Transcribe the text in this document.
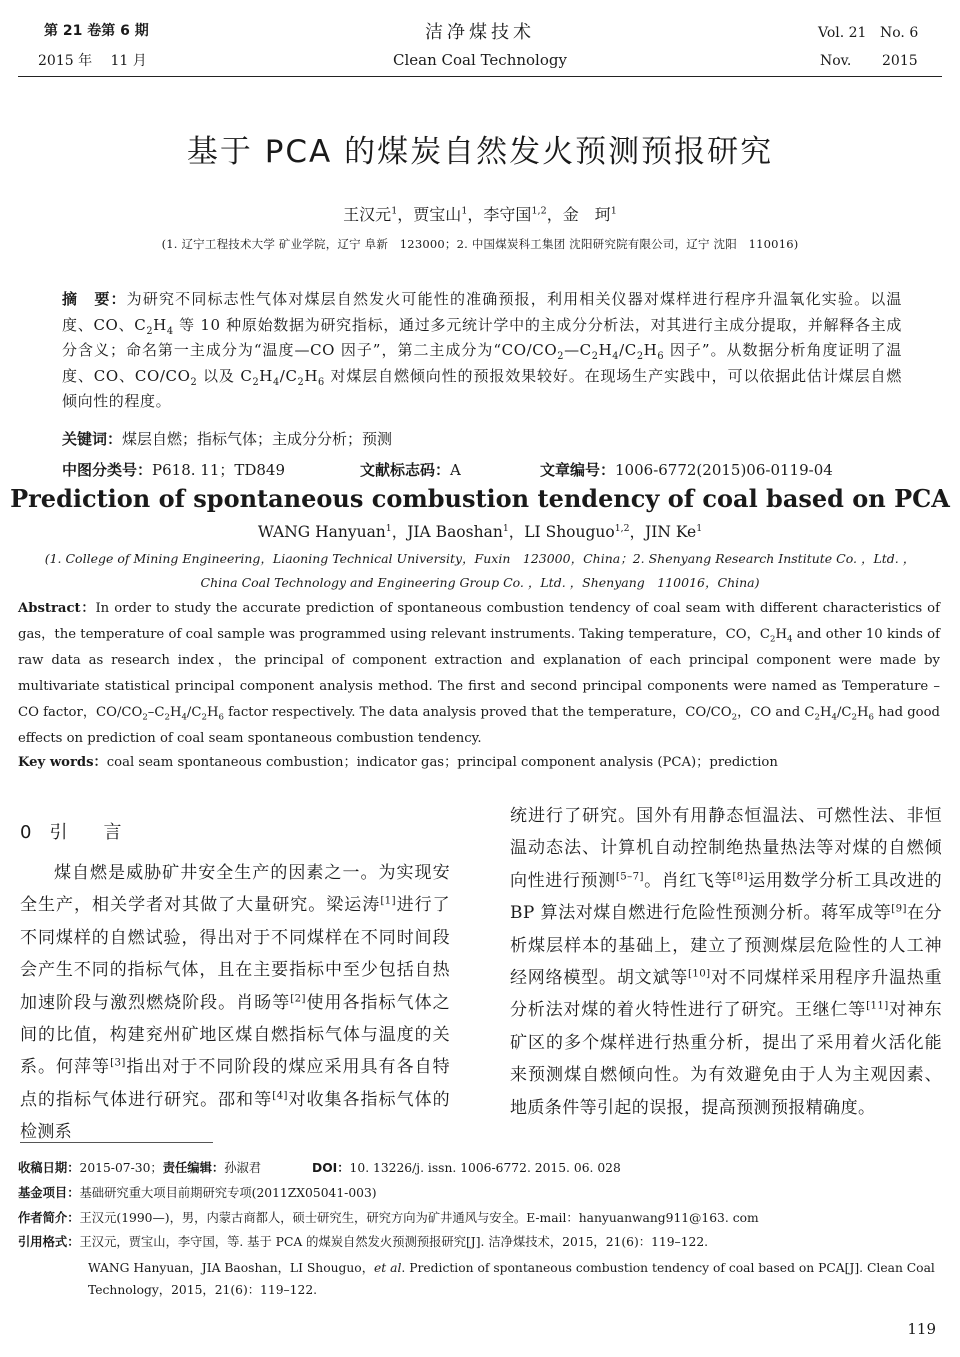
第 21 卷第 6 期
2015 年　 11 月
洁净煤技术
Clean Coal Technology
Vol. 21 No. 6
Nov. 2015
基于 PCA 的煤炭自然发火预测预报研究
王汉元$^1$，贾宝山$^1$，李守国$^{1,2}$，金　珂$^1$
(1. 辽宁工程技术大学 矿业学院，辽宁 阜新　123000；2. 中国煤炭科工集团 沈阳研究院有限公司，辽宁 沈阳　110016)
摘　要：为研究不同标志性气体对煤层自然发火可能性的准确预报，利用相关仪器对煤样进行程序升温氧化实验。以温度、CO、$C_2H_4$ 等 10 种原始数据为研究指标，通过多元统计学中的主成分分析法，对其进行主成分提取，并解释各主成分含义；命名第一主成分为“温度—CO 因子”，第二主成分为“$CO/CO_2—C_2H_4/C_2H_6$ 因子”。从数据分析角度证明了温度、CO、$CO/CO_2$ 以及 $C_2H_4/C_2H_6$ 对煤层自燃倾向性的预报效果较好。在现场生产实践中，可以依据此估计煤层自燃倾向性的程度。
关键词：煤层自燃；指标气体；主成分分析；预测
中图分类号：P618. 11；TD849	文献标志码：A	文章编号：1006-6772(2015)06-0119-04
Prediction of spontaneous combustion tendency of coal based on PCA
WANG Hanyuan$^1$，JIA Baoshan$^1$，LI Shouguo$^{1,2}$，JIN Ke$^1$
(1. College of Mining Engineering，Liaoning Technical University，Fuxin　123000，China；2. Shenyang Research Institute Co. ，Ltd. ，
China Coal Technology and Engineering Group Co. ，Ltd. ，Shenyang　110016，China)
Abstract：In order to study the accurate prediction of spontaneous combustion tendency of coal seam with different characteristics of gas，the temperature of coal sample was programmed using relevant instruments. Taking temperature，CO，$C_2H_4$ and other 10 kinds of raw data as research index，the principal of component extraction and explanation of each principal component were made by multivariate statistical principal component analysis method. The first and second principal components were named as Temperature –CO factor，$CO/CO_2-C_2H_4/C_2H_6$ factor respectively. The data analysis proved that the temperature，$CO/CO_2$，CO and $C_2H_4/C_2H_6$ had good effects on prediction of coal seam spontaneous combustion tendency.
Key words：coal seam spontaneous combustion；indicator gas；principal component analysis (PCA)；prediction
0　引　　言

煤自燃是威胁矿井安全生产的因素之一。为实现安全生产，相关学者对其做了大量研究。梁运涛[1]进行了不同煤样的自燃试验，得出对于不同煤样在不同时间段会产生不同的指标气体，且在主要指标中至少包括自热加速阶段与激烈燃烧阶段。肖旸等[2]使用各指标气体之间的比值，构建兖州矿地区煤自燃指标气体与温度的关系。何萍等[3]指出对于不同阶段的煤应采用具有各自特点的指标气体进行研究。邵和等[4]对收集各指标气体的检测系

统进行了研究。国外有用静态恒温法、可燃性法、非恒温动态法、计算机自动控制绝热量热法等对煤的自燃倾向性进行预测[5–7]。肖红飞等[8]运用数学分析工具改进的 BP 算法对煤自燃进行危险性预测分析。蒋军成等[9]在分析煤层样本的基础上，建立了预测煤层危险性的人工神经网络模型。胡文斌等[10]对不同煤样采用程序升温热重分析法对煤的着火特性进行了研究。王继仁等[11]对神东矿区的多个煤样进行热重分析，提出了采用着火活化能来预测煤自燃倾向性。为有效避免由于人为主观因素、地质条件等引起的误报，提高预测预报精确度。
收稿日期：2015-07-30；责任编辑：孙淑君	DOI：10. 13226/j. issn. 1006-6772. 2015. 06. 028
基金项目：基础研究重大项目前期研究专项(2011ZX05041-003)
作者简介：王汉元(1990—)，男，内蒙古商都人，硕士研究生，研究方向为矿井通风与安全。E-mail：hanyuanwang911@163. com
引用格式：王汉元，贾宝山，李守国，等. 基于 PCA 的煤炭自然发火预测预报研究[J]. 洁净煤技术，2015，21(6)：119–122.
WANG Hanyuan，JIA Baoshan，LI Shouguo，et al. Prediction of spontaneous combustion tendency of coal based on PCA[J]. Clean Coal Technology，2015，21(6)：119–122.
119
